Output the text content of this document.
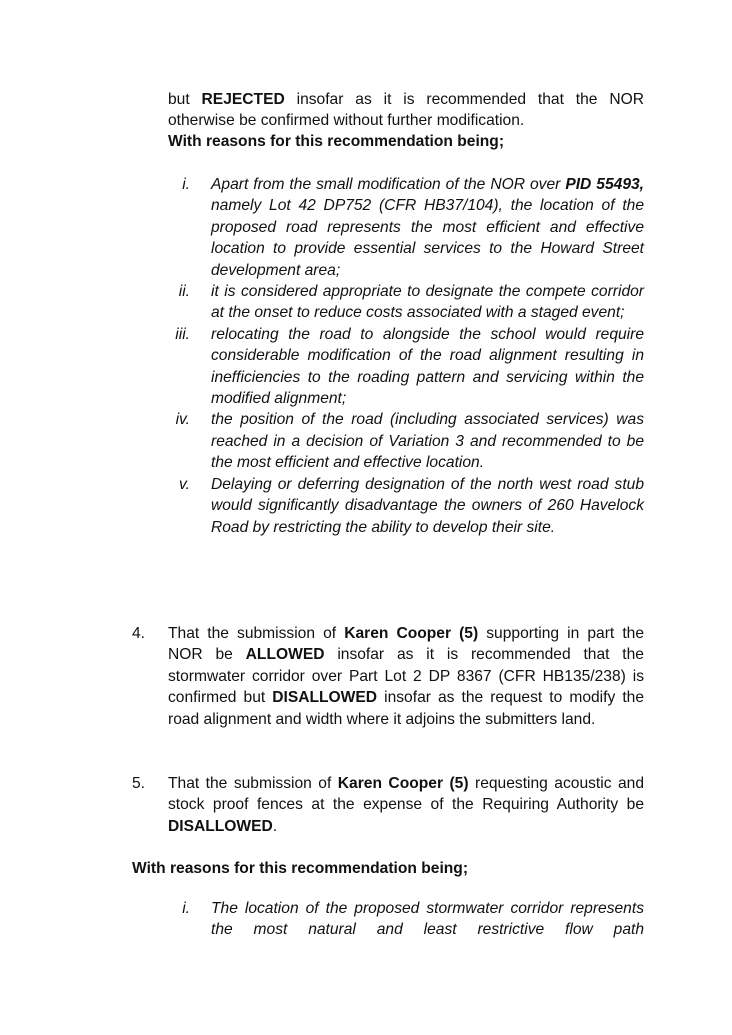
but REJECTED insofar as it is recommended that the NOR otherwise be confirmed without further modification.

With reasons for this recommendation being;

i. Apart from the small modification of the NOR over PID 55493, namely Lot 42 DP752 (CFR HB37/104), the location of the proposed road represents the most efficient and effective location to provide essential services to the Howard Street development area;
ii. it is considered appropriate to designate the compete corridor at the onset to reduce costs associated with a staged event;
iii. relocating the road to alongside the school would require considerable modification of the road alignment resulting in inefficiencies to the roading pattern and servicing within the modified alignment;
iv. the position of the road (including associated services) was reached in a decision of Variation 3 and recommended to be the most efficient and effective location.
v. Delaying or deferring designation of the north west road stub would significantly disadvantage the owners of 260 Havelock Road by restricting the ability to develop their site.
4. That the submission of Karen Cooper (5) supporting in part the NOR be ALLOWED insofar as it is recommended that the stormwater corridor over Part Lot 2 DP 8367 (CFR HB135/238) is confirmed but DISALLOWED insofar as the request to modify the road alignment and width where it adjoins the submitters land.
5. That the submission of Karen Cooper (5) requesting acoustic and stock proof fences at the expense of the Requiring Authority be DISALLOWED.

With reasons for this recommendation being;

i. The location of the proposed stormwater corridor represents the most natural and least restrictive flow path
